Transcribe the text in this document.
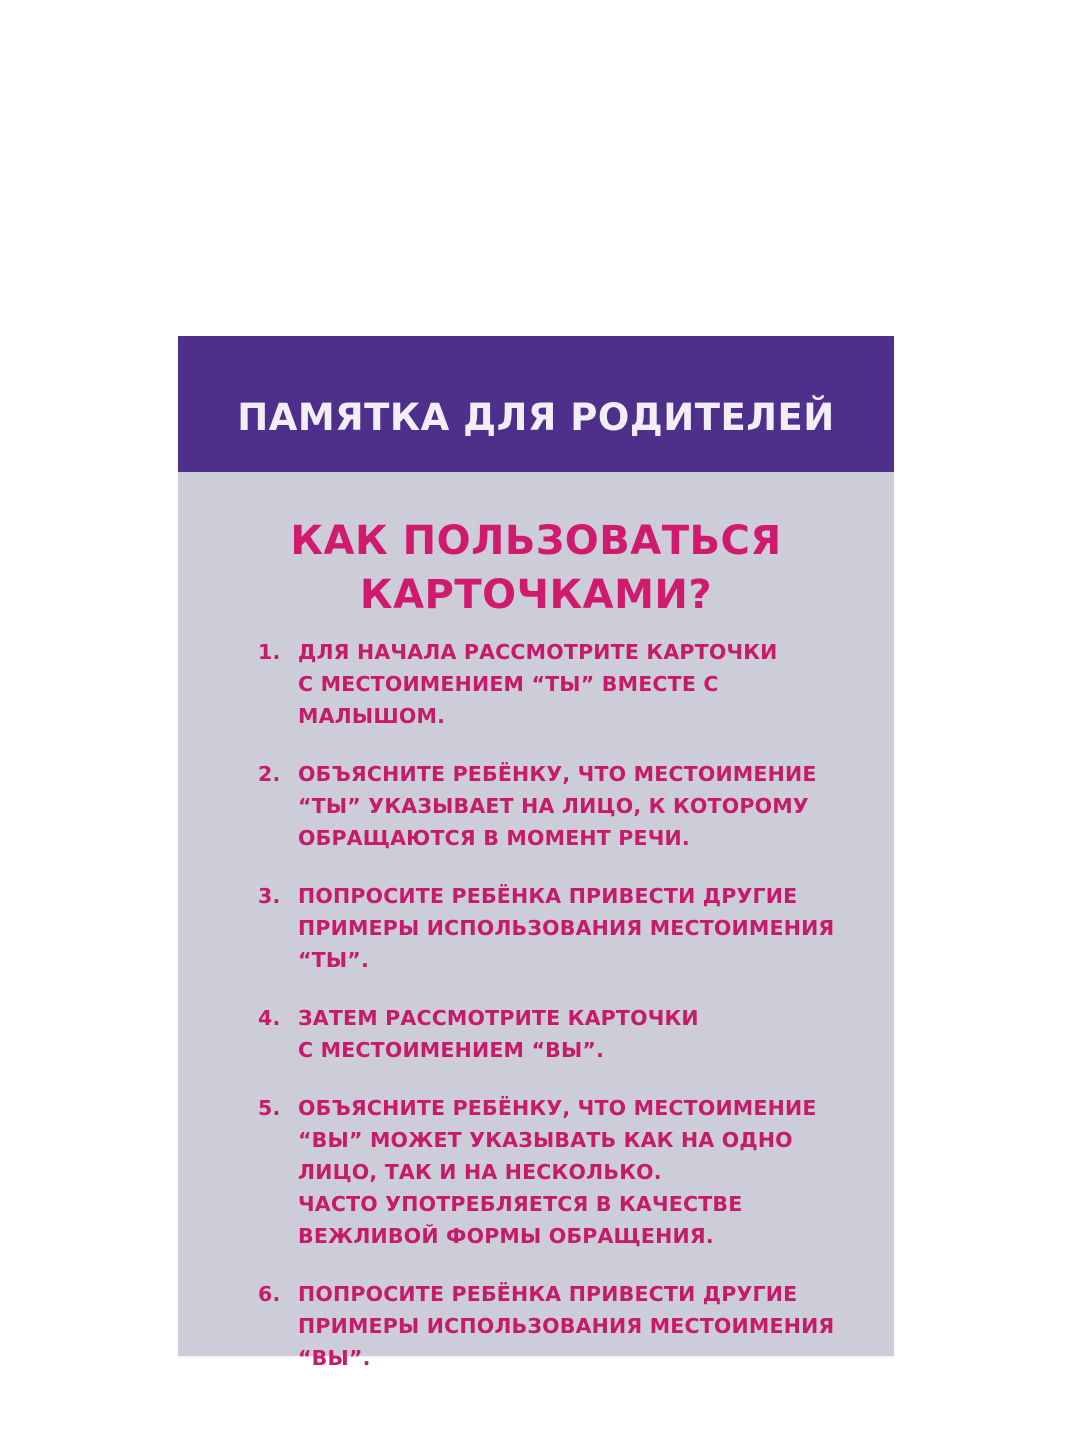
ПАМЯТКА ДЛЯ РОДИТЕЛЕЙ
КАК ПОЛЬЗОВАТЬСЯ
КАРТОЧКАМИ?
1. ДЛЯ НАЧАЛА РАССМОТРИТЕ КАРТОЧКИ
С МЕСТОИМЕНИЕМ “ТЫ” ВМЕСТЕ С
МАЛЫШОМ.
2. ОБЪЯСНИТЕ РЕБЁНКУ, ЧТО МЕСТОИМЕНИЕ
“ТЫ” УКАЗЫВАЕТ НА ЛИЦО, К КОТОРОМУ
ОБРАЩАЮТСЯ В МОМЕНТ РЕЧИ.
3. ПОПРОСИТЕ РЕБЁНКА ПРИВЕСТИ ДРУГИЕ
ПРИМЕРЫ ИСПОЛЬЗОВАНИЯ МЕСТОИМЕНИЯ
“ТЫ”.
4. ЗАТЕМ РАССМОТРИТЕ КАРТОЧКИ
С МЕСТОИМЕНИЕМ “ВЫ”.
5. ОБЪЯСНИТЕ РЕБЁНКУ, ЧТО МЕСТОИМЕНИЕ
“ВЫ” МОЖЕТ УКАЗЫВАТЬ КАК НА ОДНО
ЛИЦО, ТАК И НА НЕСКОЛЬКО.
ЧАСТО УПОТРЕБЛЯЕТСЯ В КАЧЕСТВЕ
ВЕЖЛИВОЙ ФОРМЫ ОБРАЩЕНИЯ.
6. ПОПРОСИТЕ РЕБЁНКА ПРИВЕСТИ ДРУГИЕ
ПРИМЕРЫ ИСПОЛЬЗОВАНИЯ МЕСТОИМЕНИЯ
“ВЫ”.
